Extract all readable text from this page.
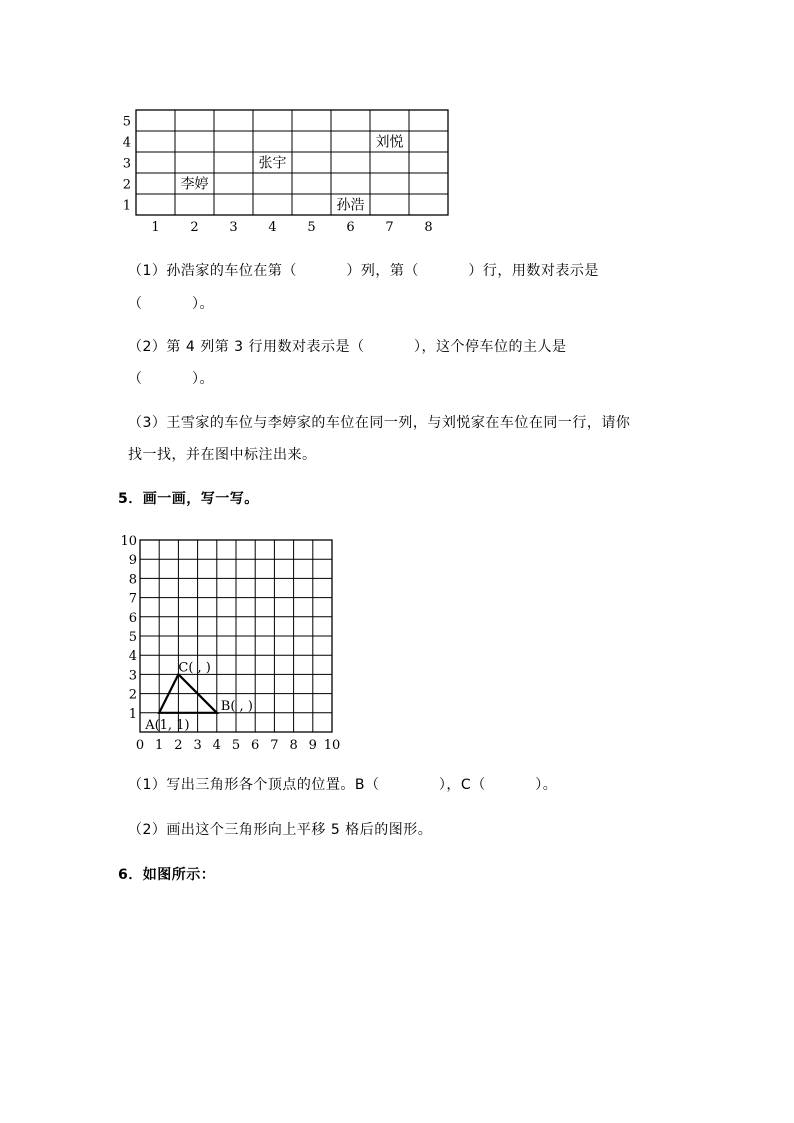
5
4
3
2
1
1 2 3 4 5 6 7 8
刘悦
张宇
李婷
孙浩
（1）孙浩家的车位在第（          ）列，第（          ）行，用数对表示是
（          ）。
（2）第 4 列第 3 行用数对表示是（          ），这个停车位的主人是
（          ）。
（3）王雪家的车位与李婷家的车位在同一列，与刘悦家在车位在同一行，请你
找一找，并在图中标注出来。
5．画一画，写一写。
10
9
8
7
6
5
4
3
2
1
0 1 2 3 4 5 6 7 8 9 10
A(1, 1)
B( , )
C( , )
（1）写出三角形各个顶点的位置。B（            ），C（          ）。
（2）画出这个三角形向上平移 5 格后的图形。
6．如图所示：
